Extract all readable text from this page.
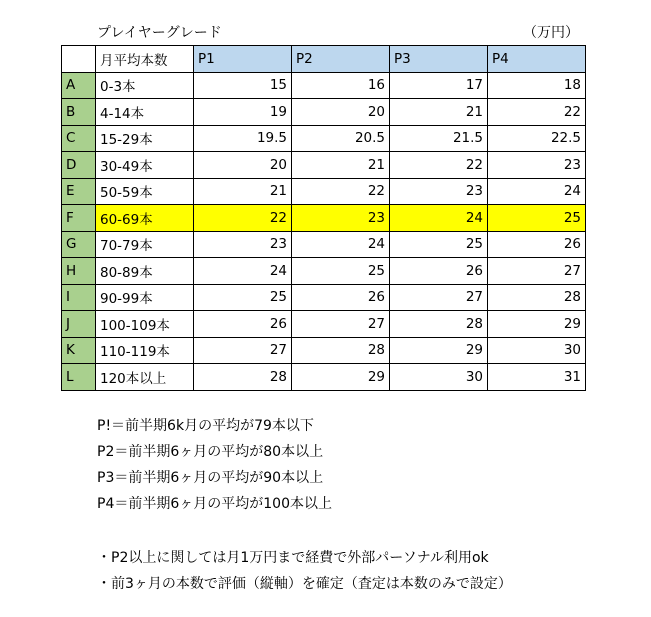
プレイヤーグレード	（万円）
	月平均本数	P1	P2	P3	P4
A	0-3本	15	16	17	18
B	4-14本	19	20	21	22
C	15-29本	19.5	20.5	21.5	22.5
D	30-49本	20	21	22	23
E	50-59本	21	22	23	24
F	60-69本	22	23	24	25
G	70-79本	23	24	25	26
H	80-89本	24	25	26	27
I	90-99本	25	26	27	28
J	100-109本	26	27	28	29
K	110-119本	27	28	29	30
L	120本以上	28	29	30	31
P!＝前半期6k月の平均が79本以下
P2＝前半期6ヶ月の平均が80本以上
P3＝前半期6ヶ月の平均が90本以上
P4＝前半期6ヶ月の平均が100本以上
・P2以上に関しては月1万円まで経費で外部パーソナル利用ok
・前3ヶ月の本数で評価（縦軸）を確定（査定は本数のみで設定）
